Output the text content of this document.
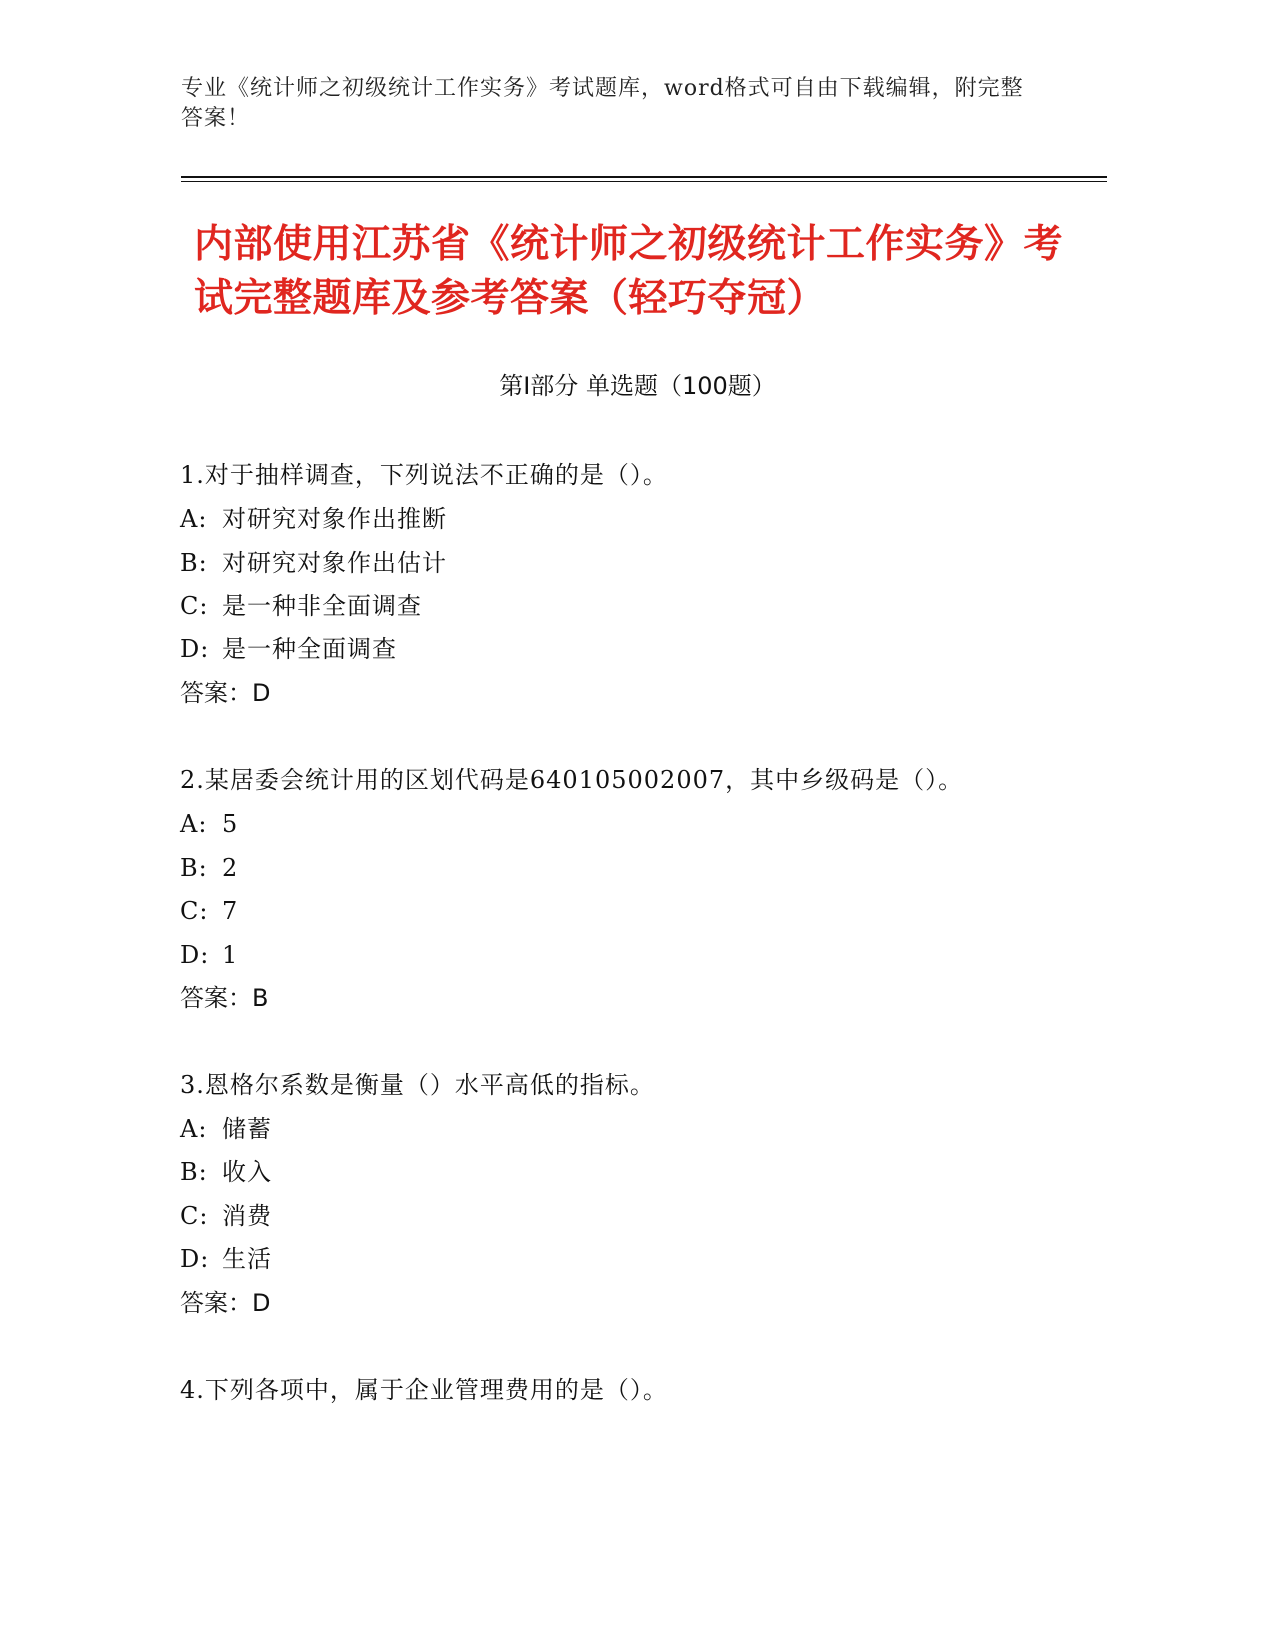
专业《统计师之初级统计工作实务》考试题库，word格式可自由下载编辑，附完整答案！
内部使用江苏省《统计师之初级统计工作实务》考试完整题库及参考答案（轻巧夺冠）
第Ⅰ部分 单选题（100题）
1.对于抽样调查，下列说法不正确的是（）。
A: 对研究对象作出推断
B: 对研究对象作出估计
C: 是一种非全面调查
D: 是一种全面调查
答案：D
2.某居委会统计用的区划代码是640105002007，其中乡级码是（）。
A: 5
B: 2
C: 7
D: 1
答案：B
3.恩格尔系数是衡量（）水平高低的指标。
A: 储蓄
B: 收入
C: 消费
D: 生活
答案：D
4.下列各项中，属于企业管理费用的是（）。
